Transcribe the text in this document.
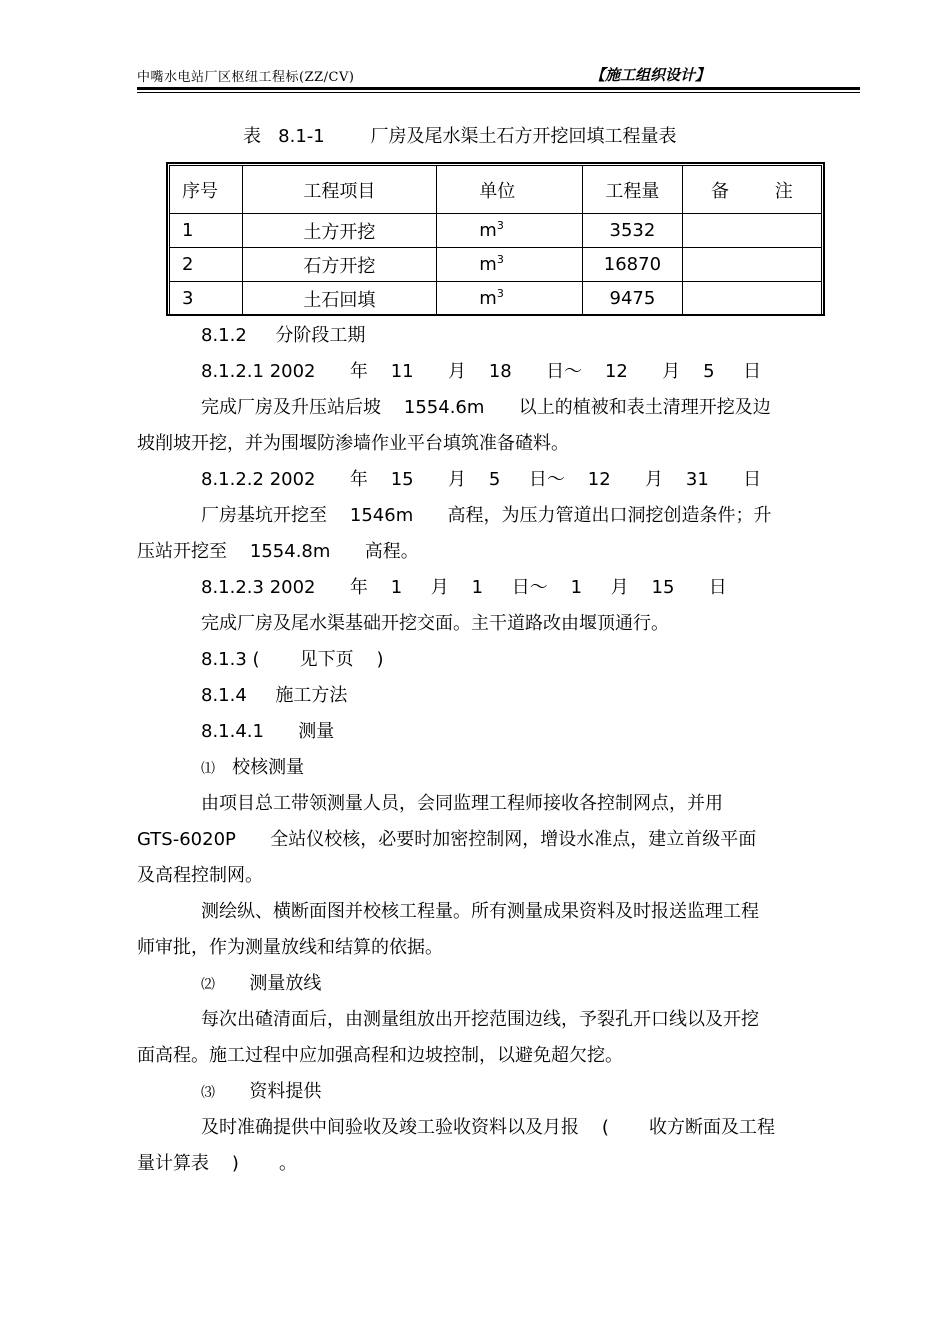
中嘴水电站厂区枢纽工程标(ZZ/CV)	【施工组织设计】
表   8.1-1        厂房及尾水渠土石方开挖回填工程量表
序号	工程项目	单位	工程量	备        注
1	土方开挖	$m^3$	3532	
2	石方开挖	$m^3$	16870	
3	土石回填	$m^3$	9475	
8.1.2     分阶段工期
8.1.2.1 2002      年    11      月    18      日～    12      月    5     日
完成厂房及升压站后坡    1554.6m      以上的植被和表土清理开挖及边
坡削坡开挖，并为围堰防渗墙作业平台填筑准备碴料。
8.1.2.2 2002      年    15      月    5     日～    12      月    31      日
厂房基坑开挖至    1546m      高程，为压力管道出口洞挖创造条件；升
压站开挖至    1554.8m      高程。
8.1.2.3 2002      年    1     月    1     日～    1     月    15      日
完成厂房及尾水渠基础开挖交面。主干道路改由堰顶通行。
8.1.3 (       见下页    )
8.1.4     施工方法
8.1.4.1      测量
⑴   校核测量
由项目总工带领测量人员，会同监理工程师接收各控制网点，并用
GTS-6020P      全站仪校核，必要时加密控制网，增设水准点，建立首级平面
及高程控制网。
测绘纵、横断面图并校核工程量。所有测量成果资料及时报送监理工程
师审批，作为测量放线和结算的依据。
⑵      测量放线
每次出碴清面后，由测量组放出开挖范围边线，予裂孔开口线以及开挖
面高程。施工过程中应加强高程和边坡控制，以避免超欠挖。
⑶      资料提供
及时准确提供中间验收及竣工验收资料以及月报    (       收方断面及工程
量计算表    )       。
